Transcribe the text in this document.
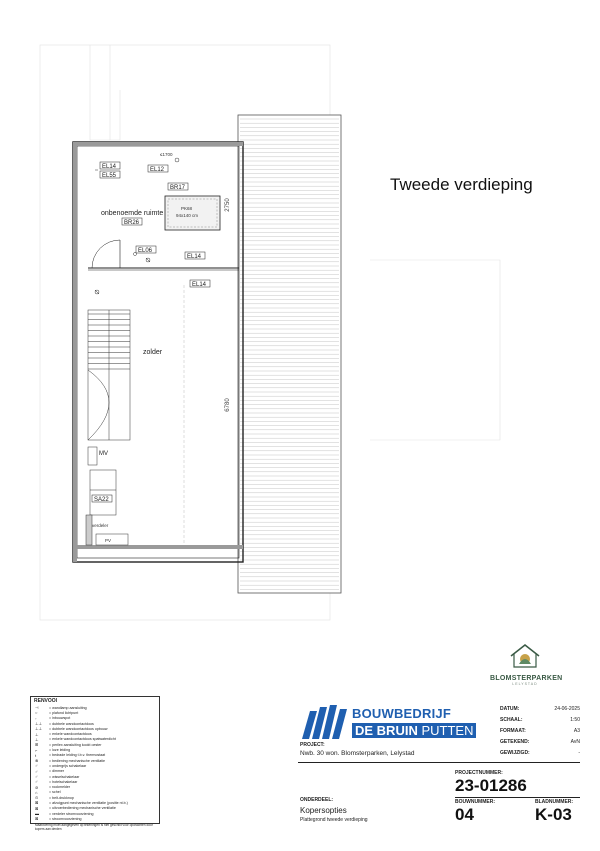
EL14
EL55
EL12
BR17
BR26
EL06
EL14
EL14
MV
SA22
onbenoemde ruimte
zolder
PK68
94x140 cm
2750
6780
verdeler
PV
≤1700
Tweede verdieping
BLOMSTERPARKEN
LELYSTAD
RENVOOI
⊣	= wandlamp aansluiting
○	= plafond lichtpunt
◦	= inbouwspot
⊥⊥	= dubbele wandcontactdoos
⊥⊥	= dubbele wandcontactdoos opbouw
⊥	= enkele wandcontactdoos
⊥	= enkele wandcontactdoos spatwaterdicht
⊞	= perilex aansluiting kookt oester
⌐	= loze leiding
t	= bedrade leiding t.b.v. thermostaat
⊗	= bediening mechanische ventilatie
♂	= ondergrijs schakelaar
♂	= dimmer
♂	= wisselschakelaar
♂	= hotelschakelaar
⊘	= rookmelder
⌂	= schel
⊙	= belt-drukknop
⊠	= afzuigpunt mechanische ventilatie (positie nt.b.)
⊠	= uitvoerbediening mechanische ventilatie
▬	= verdeler stromvoorziening
⊠	= stroomvoorziening
Maatvoering moet aangegeven op tekeningen is niet geschikt voor opdrachten door kopers aan derden
BOUWBEDRIJF
DE BRUIN PUTTEN
DATUM:	24-06-2025
SCHAAL:	1:50
FORMAAT:	A3
GETEKEND:	AvN
GEWIJZIGD:	-
PROJECT:
Nwb. 30 won. Blomsterparken, Lelystad
PROJECTNUMMER:
23-01286
ONDERDEEL:
Kopersopties
Plattegrond tweede verdieping
BOUWNUMMER:
04
BLADNUMMER:
K-03
